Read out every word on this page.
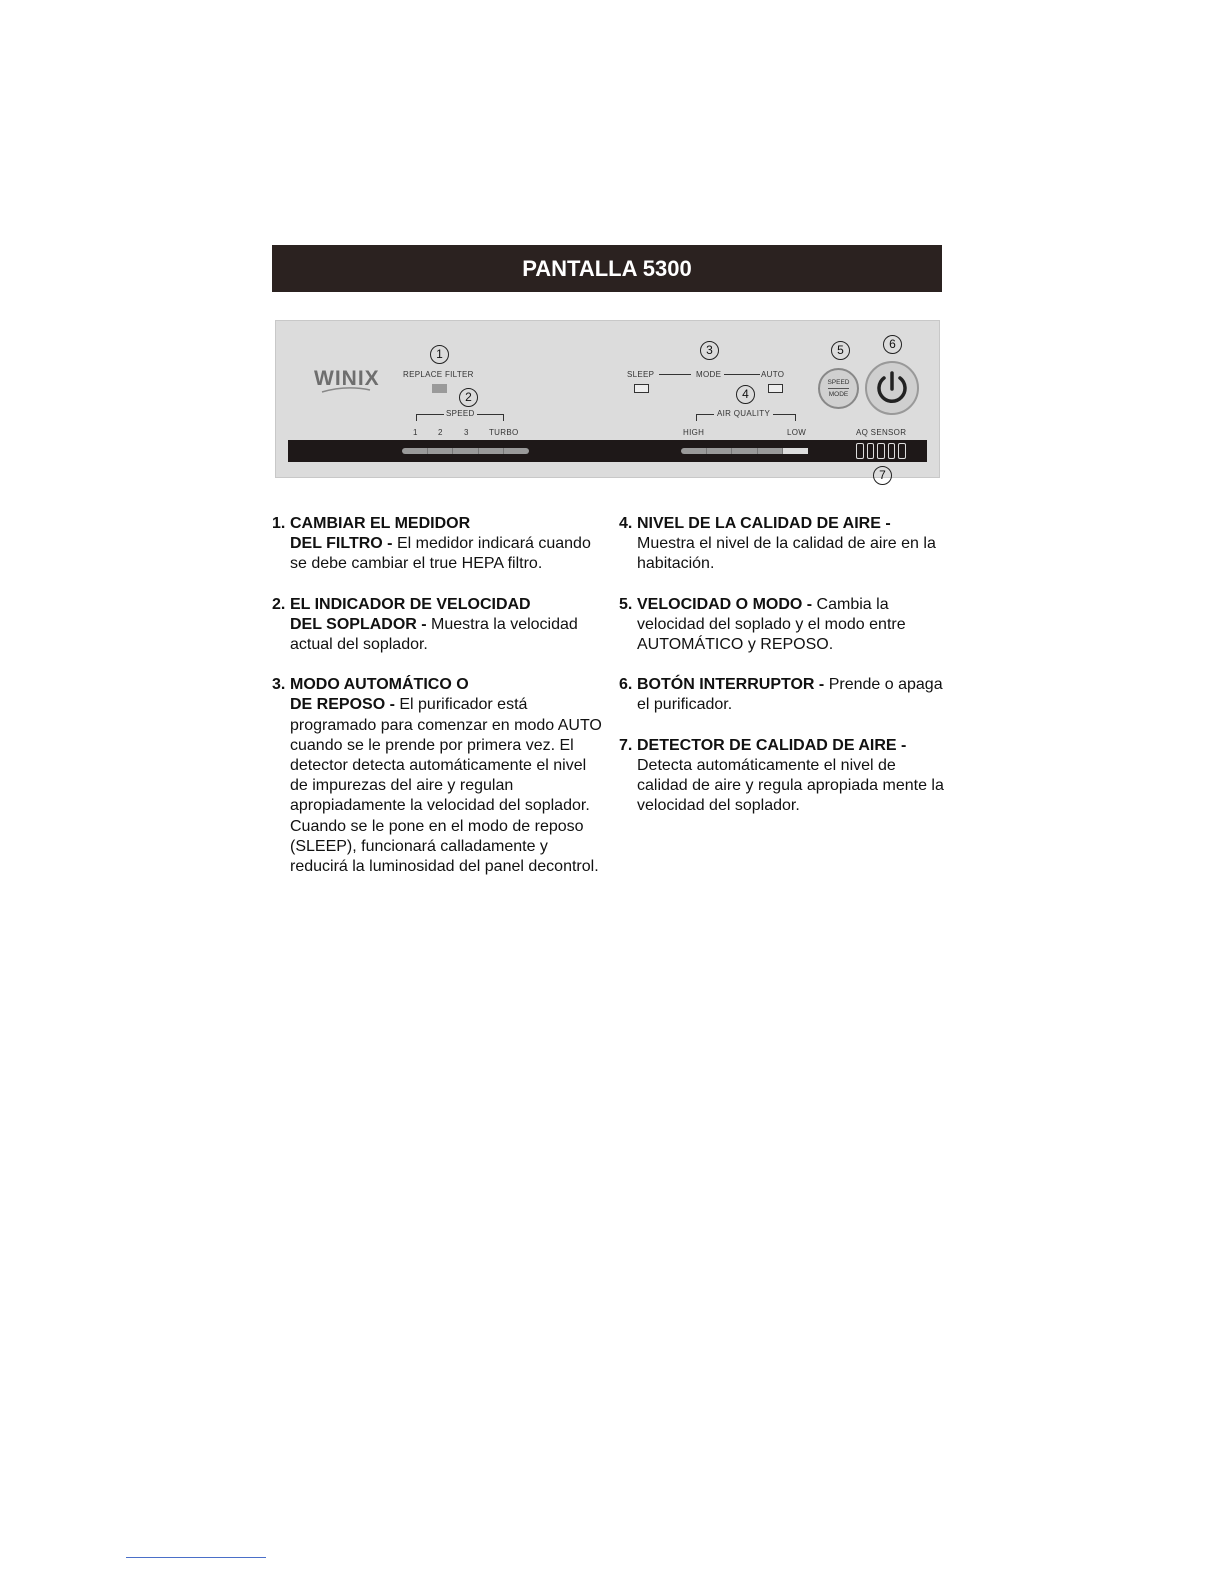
PANTALLA 5300
WINIX
1
REPLACE FILTER
2
SPEED
1	2	3	TURBO
3
SLEEP	MODE	AUTO
4
AIR QUALITY
HIGH	LOW
5
SPEED
MODE
6
AQ SENSOR
7
1. CAMBIAR EL MEDIDOR
DEL FILTRO - El medidor indicará cuando se debe cambiar el true HEPA filtro.
2. EL INDICADOR DE VELOCIDAD
DEL SOPLADOR - Muestra la velocidad actual del soplador.
3. MODO AUTOMÁTICO O
DE REPOSO - El purificador está programado para comenzar en modo AUTO cuando se le prende por primera vez. El detector detecta automáticamente el nivel de impurezas del aire y regulan apropiadamente la velocidad del soplador. Cuando se le pone en el modo de reposo (SLEEP), funcionará calladamente y reducirá la luminosidad del panel decontrol.
4. NIVEL DE LA CALIDAD DE AIRE - Muestra el nivel de la calidad de aire en la habitación.
5. VELOCIDAD O MODO - Cambia la velocidad del soplado y el modo entre AUTOMÁTICO y REPOSO.
6. BOTÓN INTERRUPTOR - Prende o apaga el purificador.
7. DETECTOR DE CALIDAD DE AIRE - Detecta automáticamente el nivel de calidad de aire y regula apropiada mente la velocidad del soplador.
